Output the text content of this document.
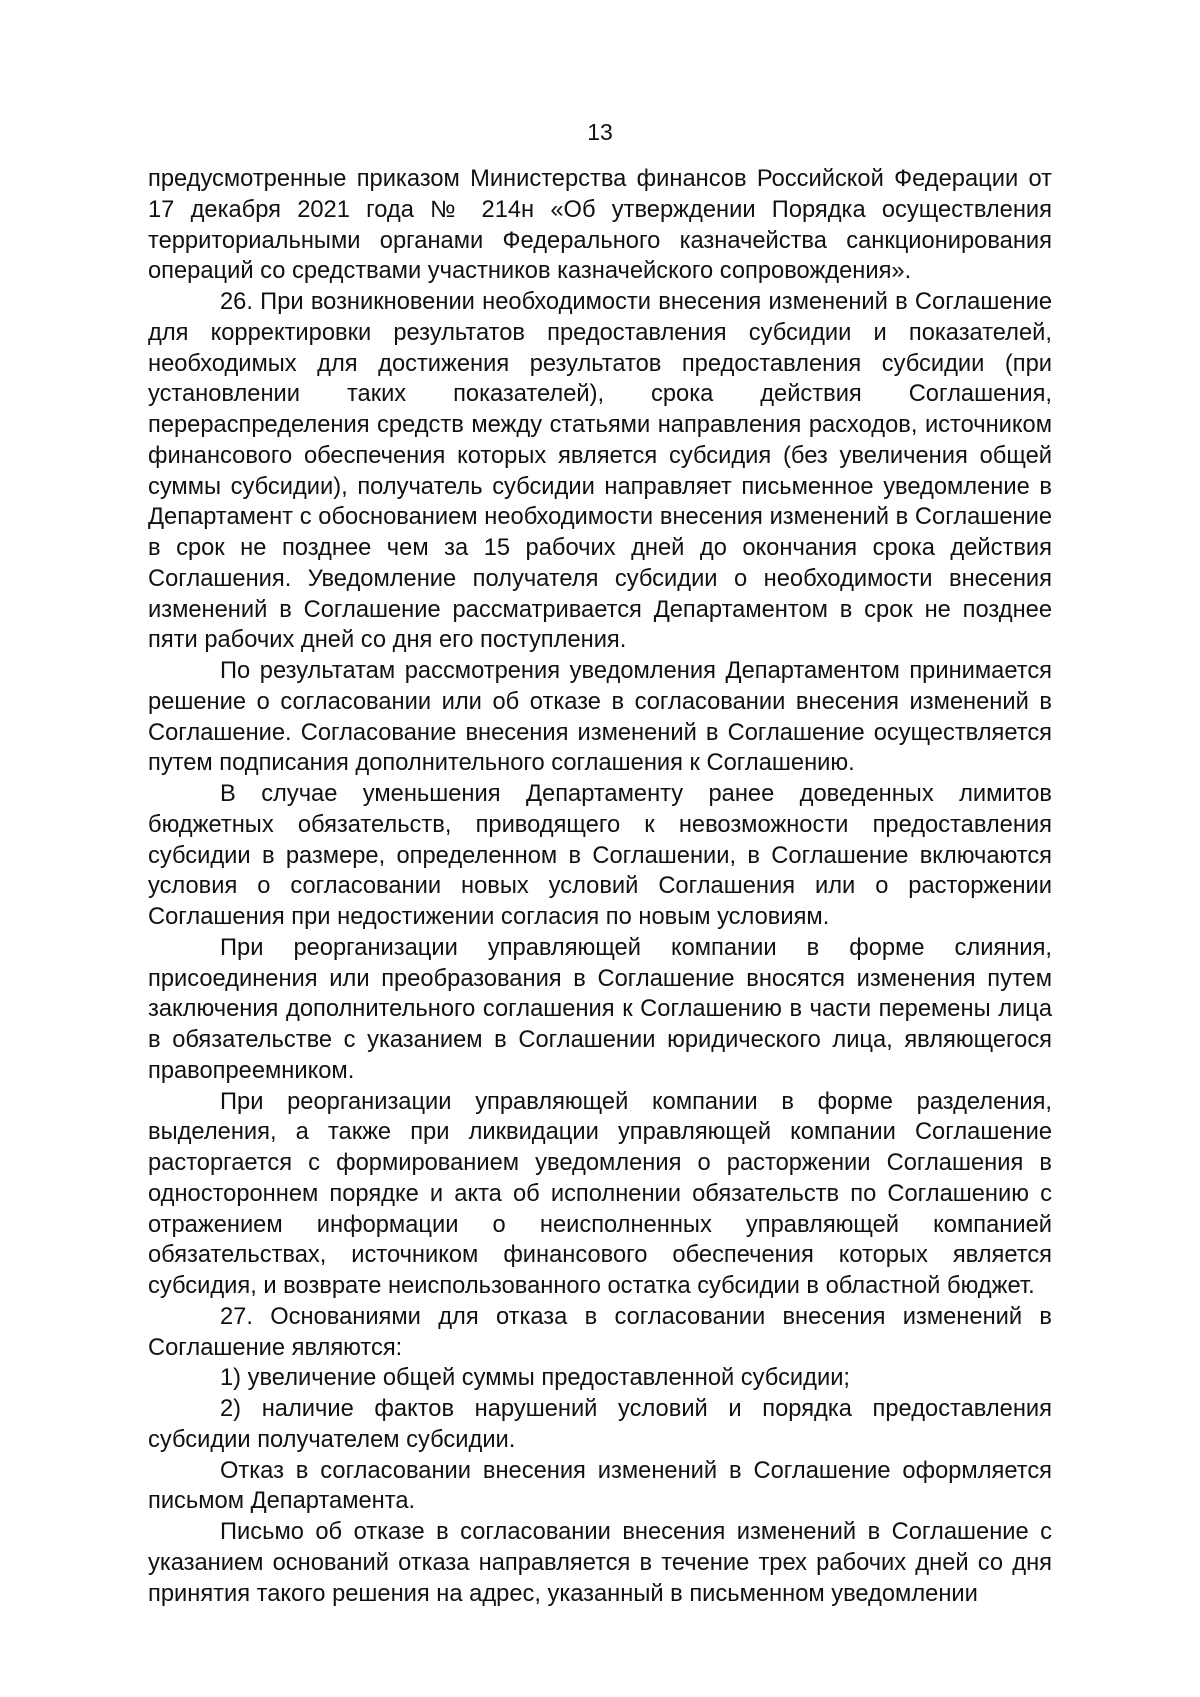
13

предусмотренные приказом Министерства финансов Российской Федерации от 17 декабря 2021 года № 214н «Об утверждении Порядка осуществления территориальными органами Федерального казначейства санкционирования операций со средствами участников казначейского сопровождения».

26. При возникновении необходимости внесения изменений в Соглашение для корректировки результатов предоставления субсидии и показателей, необходимых для достижения результатов предоставления субсидии (при установлении таких показателей), срока действия Соглашения, перераспределения средств между статьями направления расходов, источником финансового обеспечения которых является субсидия (без увеличения общей суммы субсидии), получатель субсидии направляет письменное уведомление в Департамент с обоснованием необходимости внесения изменений в Соглашение в срок не позднее чем за 15 рабочих дней до окончания срока действия Соглашения. Уведомление получателя субсидии о необходимости внесения изменений в Соглашение рассматривается Департаментом в срок не позднее пяти рабочих дней со дня его поступления.

По результатам рассмотрения уведомления Департаментом принимается решение о согласовании или об отказе в согласовании внесения изменений в Соглашение. Согласование внесения изменений в Соглашение осуществляется путем подписания дополнительного соглашения к Соглашению.

В случае уменьшения Департаменту ранее доведенных лимитов бюджетных обязательств, приводящего к невозможности предоставления субсидии в размере, определенном в Соглашении, в Соглашение включаются условия о согласовании новых условий Соглашения или о расторжении Соглашения при недостижении согласия по новым условиям.

При реорганизации управляющей компании в форме слияния, присоединения или преобразования в Соглашение вносятся изменения путем заключения дополнительного соглашения к Соглашению в части перемены лица в обязательстве с указанием в Соглашении юридического лица, являющегося правопреемником.

При реорганизации управляющей компании в форме разделения, выделения, а также при ликвидации управляющей компании Соглашение расторгается с формированием уведомления о расторжении Соглашения в одностороннем порядке и акта об исполнении обязательств по Соглашению с отражением информации о неисполненных управляющей компанией обязательствах, источником финансового обеспечения которых является субсидия, и возврате неиспользованного остатка субсидии в областной бюджет.

27. Основаниями для отказа в согласовании внесения изменений в Соглашение являются:

1) увеличение общей суммы предоставленной субсидии;

2) наличие фактов нарушений условий и порядка предоставления субсидии получателем субсидии.

Отказ в согласовании внесения изменений в Соглашение оформляется письмом Департамента.

Письмо об отказе в согласовании внесения изменений в Соглашение с указанием оснований отказа направляется в течение трех рабочих дней со дня принятия такого решения на адрес, указанный в письменном уведомлении
